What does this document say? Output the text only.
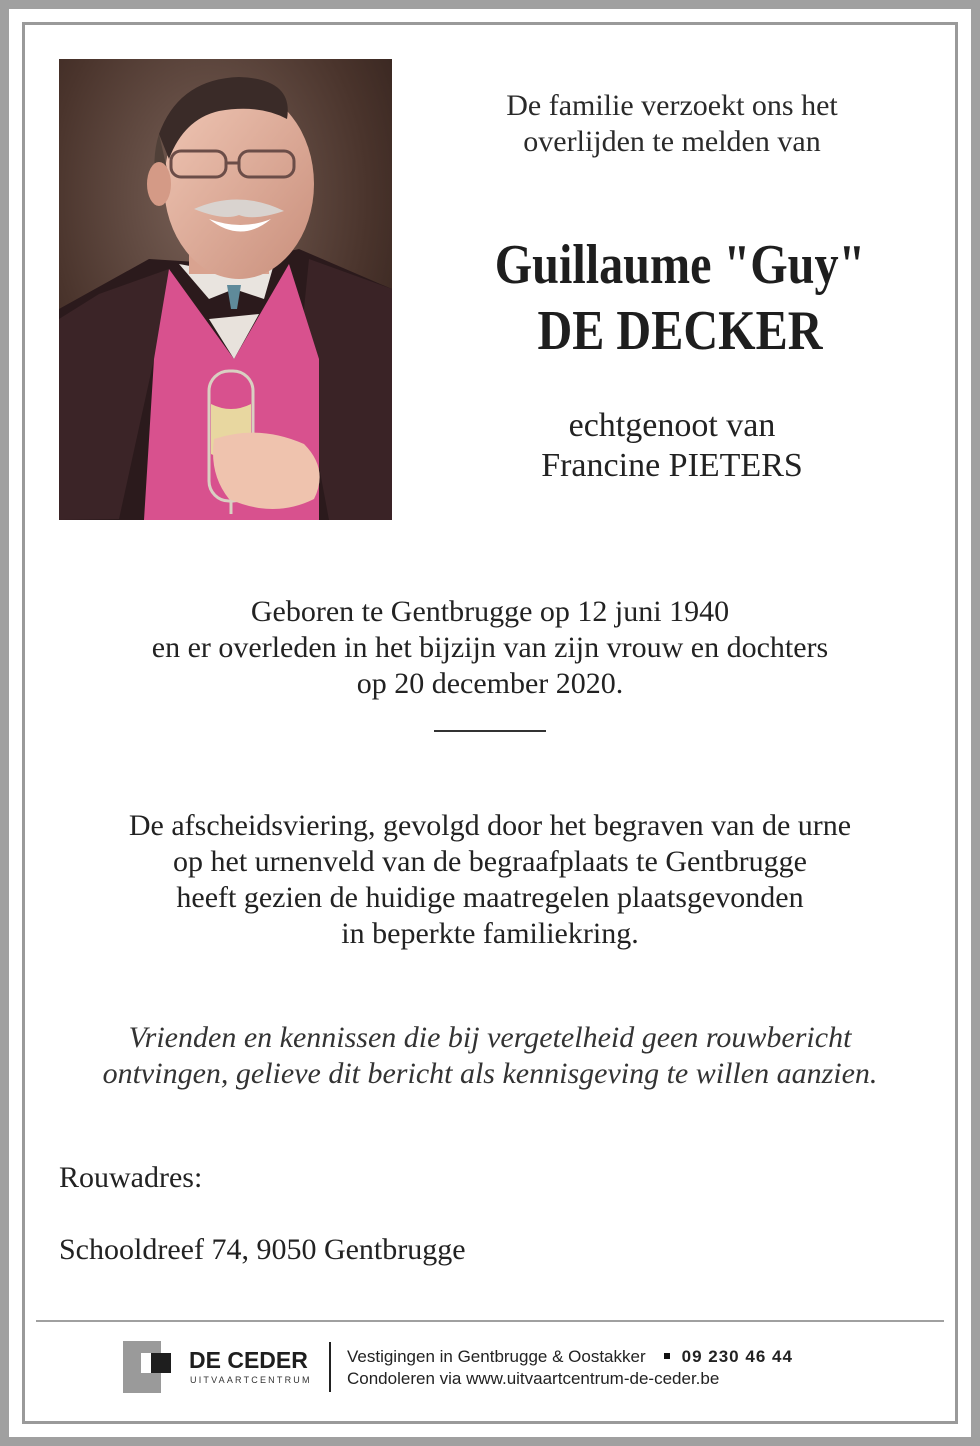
De familie verzoekt ons het
overlijden te melden van
Guillaume "Guy"
DE DECKER
echtgenoot van
Francine PIETERS
Geboren te Gentbrugge op 12 juni 1940
en er overleden in het bijzijn van zijn vrouw en dochters
op 20 december 2020.
De afscheidsviering, gevolgd door het begraven van de urne
op het urnenveld van de begraafplaats te Gentbrugge
heeft gezien de huidige maatregelen plaatsgevonden
in beperkte familiekring.
Vrienden en kennissen die bij vergetelheid geen rouwbericht
ontvingen, gelieve dit bericht als kennisgeving te willen aanzien.
Rouwadres:
Schooldreef 74, 9050 Gentbrugge
DE CEDER
UITVAARTCENTRUM
Vestigingen in Gentbrugge & Oostakker 09 230 46 44
Condoleren via www.uitvaartcentrum-de-ceder.be
